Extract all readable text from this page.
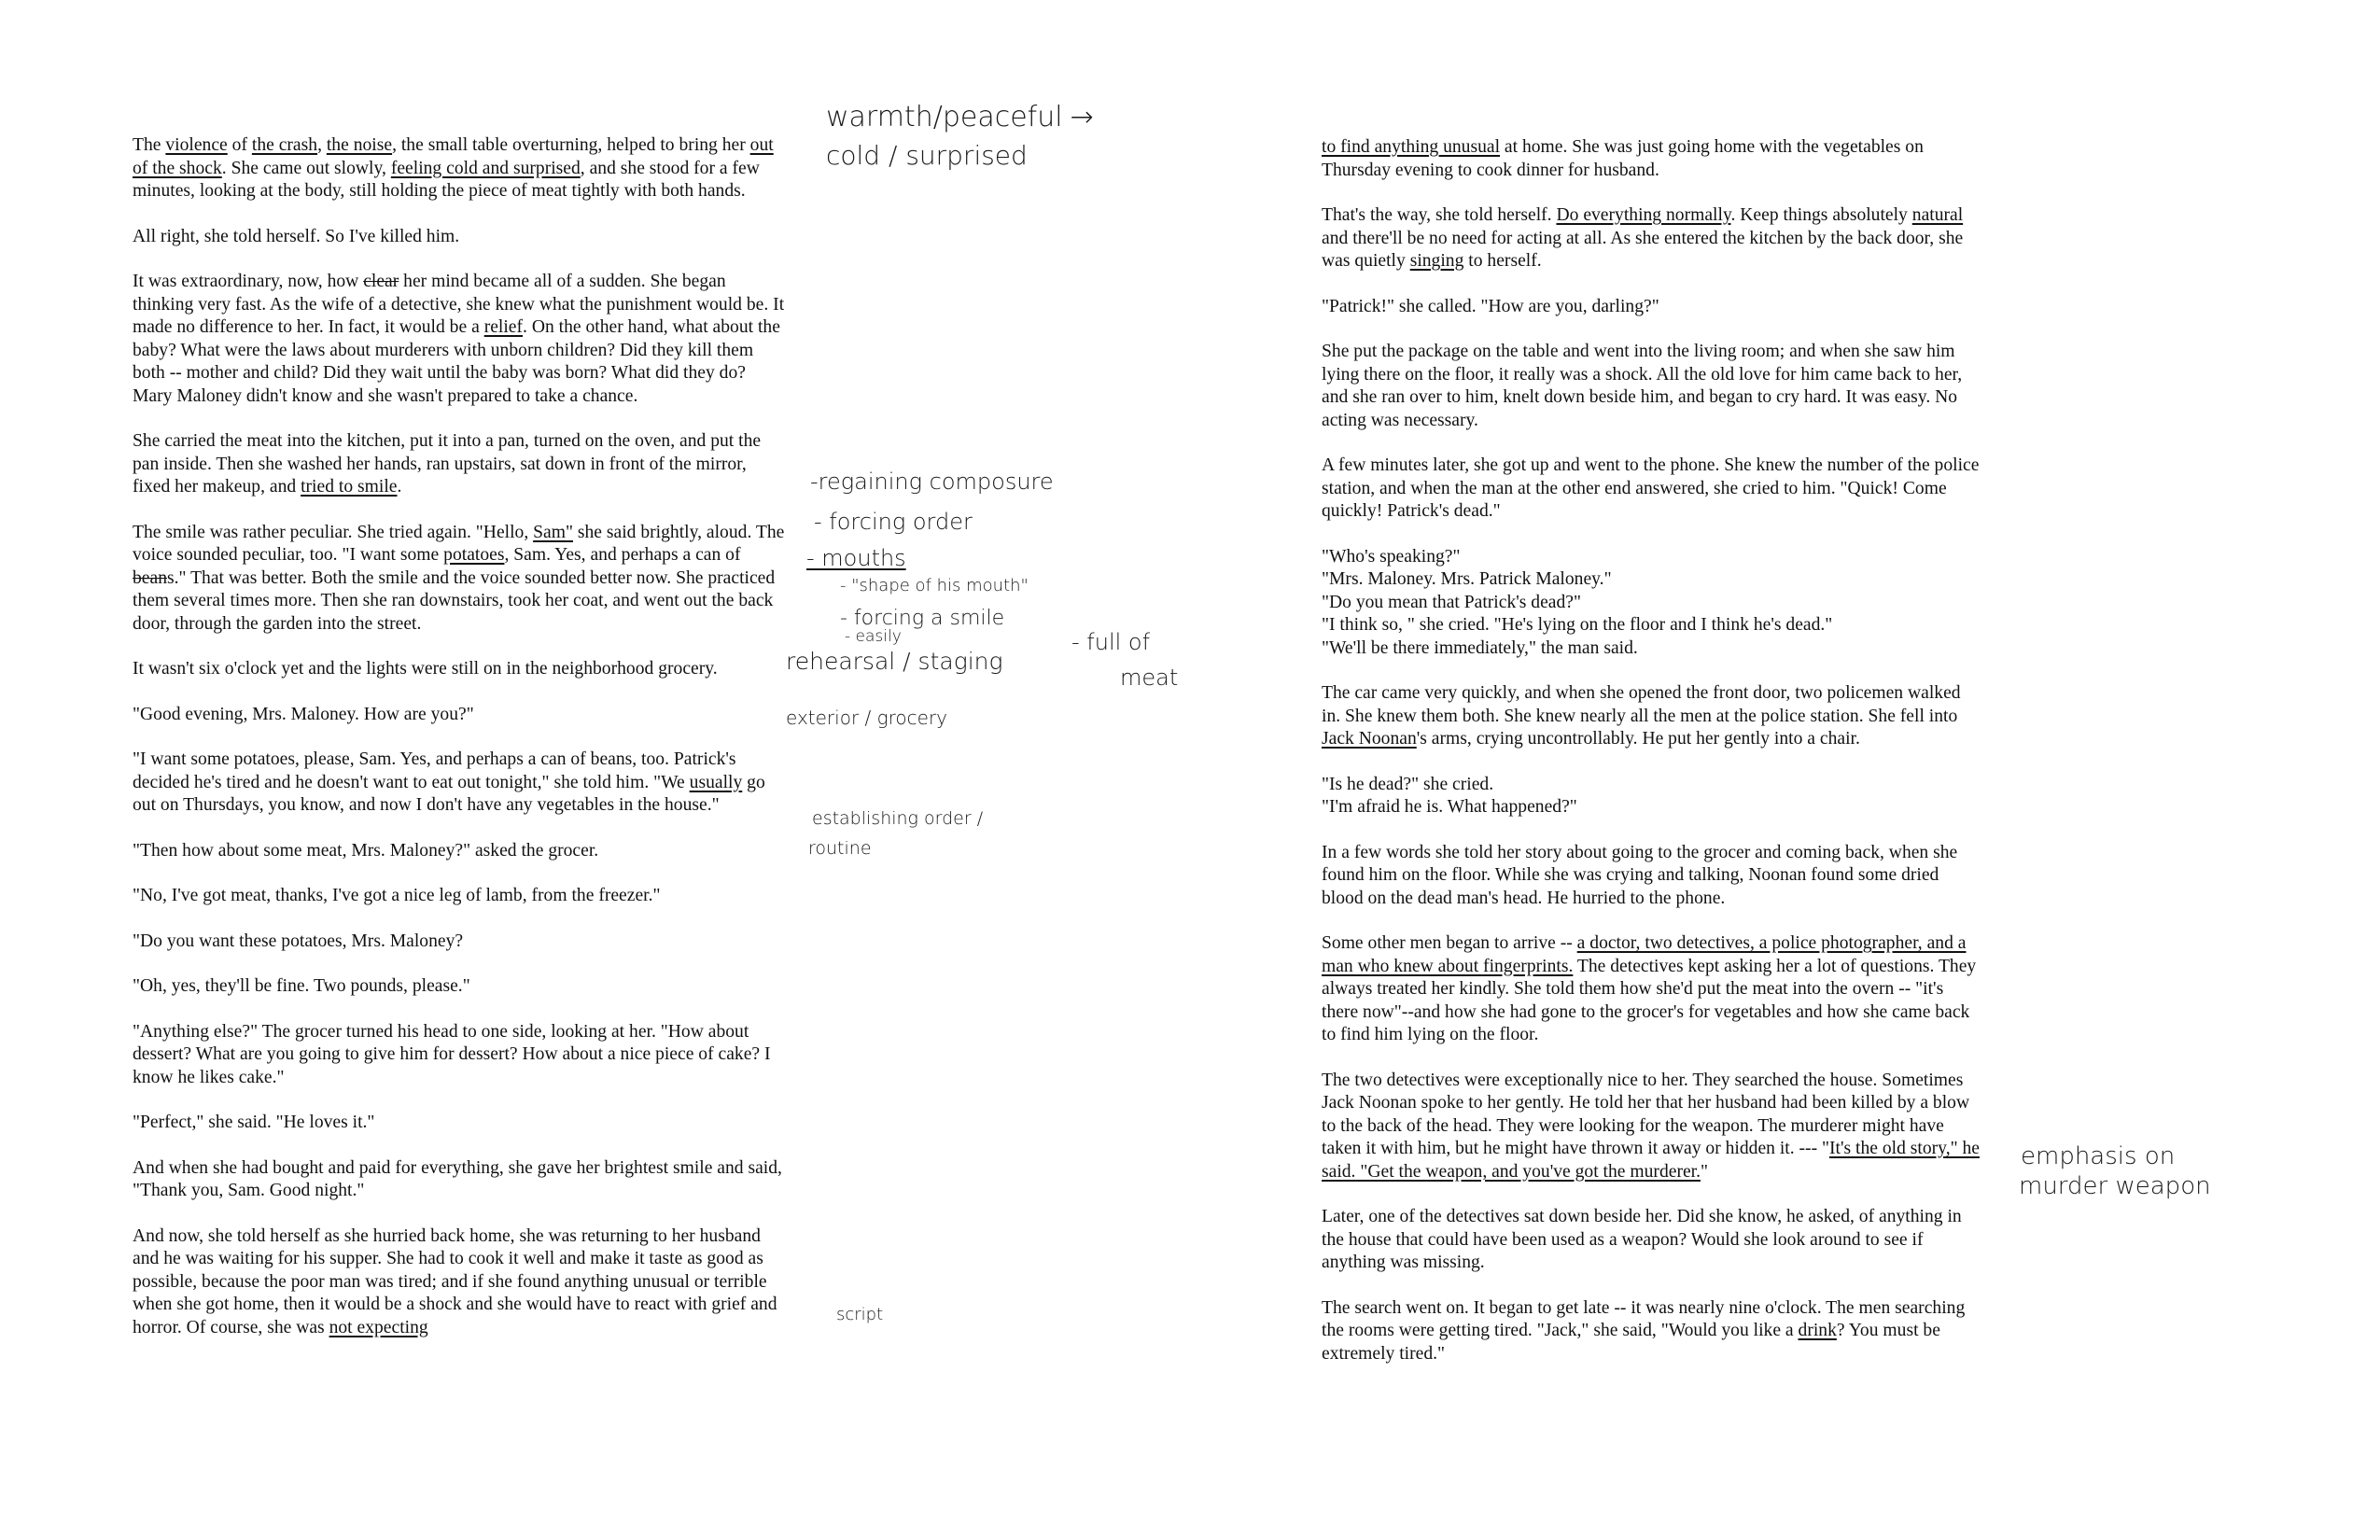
The violence of the crash, the noise, the small table overturning, helped to bring her out of the shock. She came out slowly, feeling cold and surprised, and she stood for a few minutes, looking at the body, still holding the piece of meat tightly with both hands.

All right, she told herself. So I've killed him.

It was extraordinary, now, how clear her mind became all of a sudden. She began thinking very fast. As the wife of a detective, she knew what the punishment would be. It made no difference to her. In fact, it would be a relief. On the other hand, what about the baby? What were the laws about murderers with unborn children? Did they kill them both -- mother and child? Did they wait until the baby was born? What did they do? Mary Maloney didn't know and she wasn't prepared to take a chance.

She carried the meat into the kitchen, put it into a pan, turned on the oven, and put the pan inside. Then she washed her hands, ran upstairs, sat down in front of the mirror, fixed her makeup, and tried to smile.

The smile was rather peculiar. She tried again. "Hello, Sam" she said brightly, aloud. The voice sounded peculiar, too. "I want some potatoes, Sam. Yes, and perhaps a can of beans." That was better. Both the smile and the voice sounded better now. She practiced them several times more. Then she ran downstairs, took her coat, and went out the back door, through the garden into the street.

It wasn't six o'clock yet and the lights were still on in the neighborhood grocery.

"Good evening, Mrs. Maloney. How are you?"

"I want some potatoes, please, Sam. Yes, and perhaps a can of beans, too. Patrick's decided he's tired and he doesn't want to eat out tonight," she told him. "We usually go out on Thursdays, you know, and now I don't have any vegetables in the house."

"Then how about some meat, Mrs. Maloney?" asked the grocer.

"No, I've got meat, thanks, I've got a nice leg of lamb, from the freezer."

"Do you want these potatoes, Mrs. Maloney?

"Oh, yes, they'll be fine. Two pounds, please."

"Anything else?" The grocer turned his head to one side, looking at her. "How about dessert? What are you going to give him for dessert? How about a nice piece of cake? I know he likes cake."

"Perfect," she said. "He loves it."

And when she had bought and paid for everything, she gave her brightest smile and said, "Thank you, Sam. Good night."

And now, she told herself as she hurried back home, she was returning to her husband and he was waiting for his supper. She had to cook it well and make it taste as good as possible, because the poor man was tired; and if she found anything unusual or terrible when she got home, then it would be a shock and she would have to react with grief and horror. Of course, she was not expecting

warmth/peaceful →
cold / surprised
-regaining composure
- forcing order
- mouths
- "shape of his mouth"
- forcing a smile
- easily
rehearsal / staging
- full of
meat
exterior / grocery
establishing order /
routine
script

to find anything unusual at home. She was just going home with the vegetables on Thursday evening to cook dinner for husband.

That's the way, she told herself. Do everything normally. Keep things absolutely natural and there'll be no need for acting at all. As she entered the kitchen by the back door, she was quietly singing to herself.

"Patrick!" she called. "How are you, darling?"

She put the package on the table and went into the living room; and when she saw him lying there on the floor, it really was a shock. All the old love for him came back to her, and she ran over to him, knelt down beside him, and began to cry hard. It was easy. No acting was necessary.

A few minutes later, she got up and went to the phone. She knew the number of the police station, and when the man at the other end answered, she cried to him. "Quick! Come quickly! Patrick's dead."

"Who's speaking?"

"Mrs. Maloney. Mrs. Patrick Maloney."

"Do you mean that Patrick's dead?"

"I think so, " she cried. "He's lying on the floor and I think he's dead."

"We'll be there immediately," the man said.

The car came very quickly, and when she opened the front door, two policemen walked in. She knew them both. She knew nearly all the men at the police station. She fell into Jack Noonan's arms, crying uncontrollably. He put her gently into a chair.

"Is he dead?" she cried.

"I'm afraid he is. What happened?"

In a few words she told her story about going to the grocer and coming back, when she found him on the floor. While she was crying and talking, Noonan found some dried blood on the dead man's head. He hurried to the phone.

Some other men began to arrive -- a doctor, two detectives, a police photographer, and a man who knew about fingerprints. The detectives kept asking her a lot of questions. They always treated her kindly. She told them how she'd put the meat into the overn -- "it's there now"--and how she had gone to the grocer's for vegetables and how she came back to find him lying on the floor.

The two detectives were exceptionally nice to her. They searched the house. Sometimes Jack Noonan spoke to her gently. He told her that her husband had been killed by a blow to the back of the head. They were looking for the weapon. The murderer might have taken it with him, but he might have thrown it away or hidden it. --- "It's the old story," he said. "Get the weapon, and you've got the murderer."

Later, one of the detectives sat down beside her. Did she know, he asked, of anything in the house that could have been used as a weapon? Would she look around to see if anything was missing.

The search went on. It began to get late -- it was nearly nine o'clock. The men searching the rooms were getting tired. "Jack," she said, "Would you like a drink? You must be extremely tired."

emphasis on
murder weapon
